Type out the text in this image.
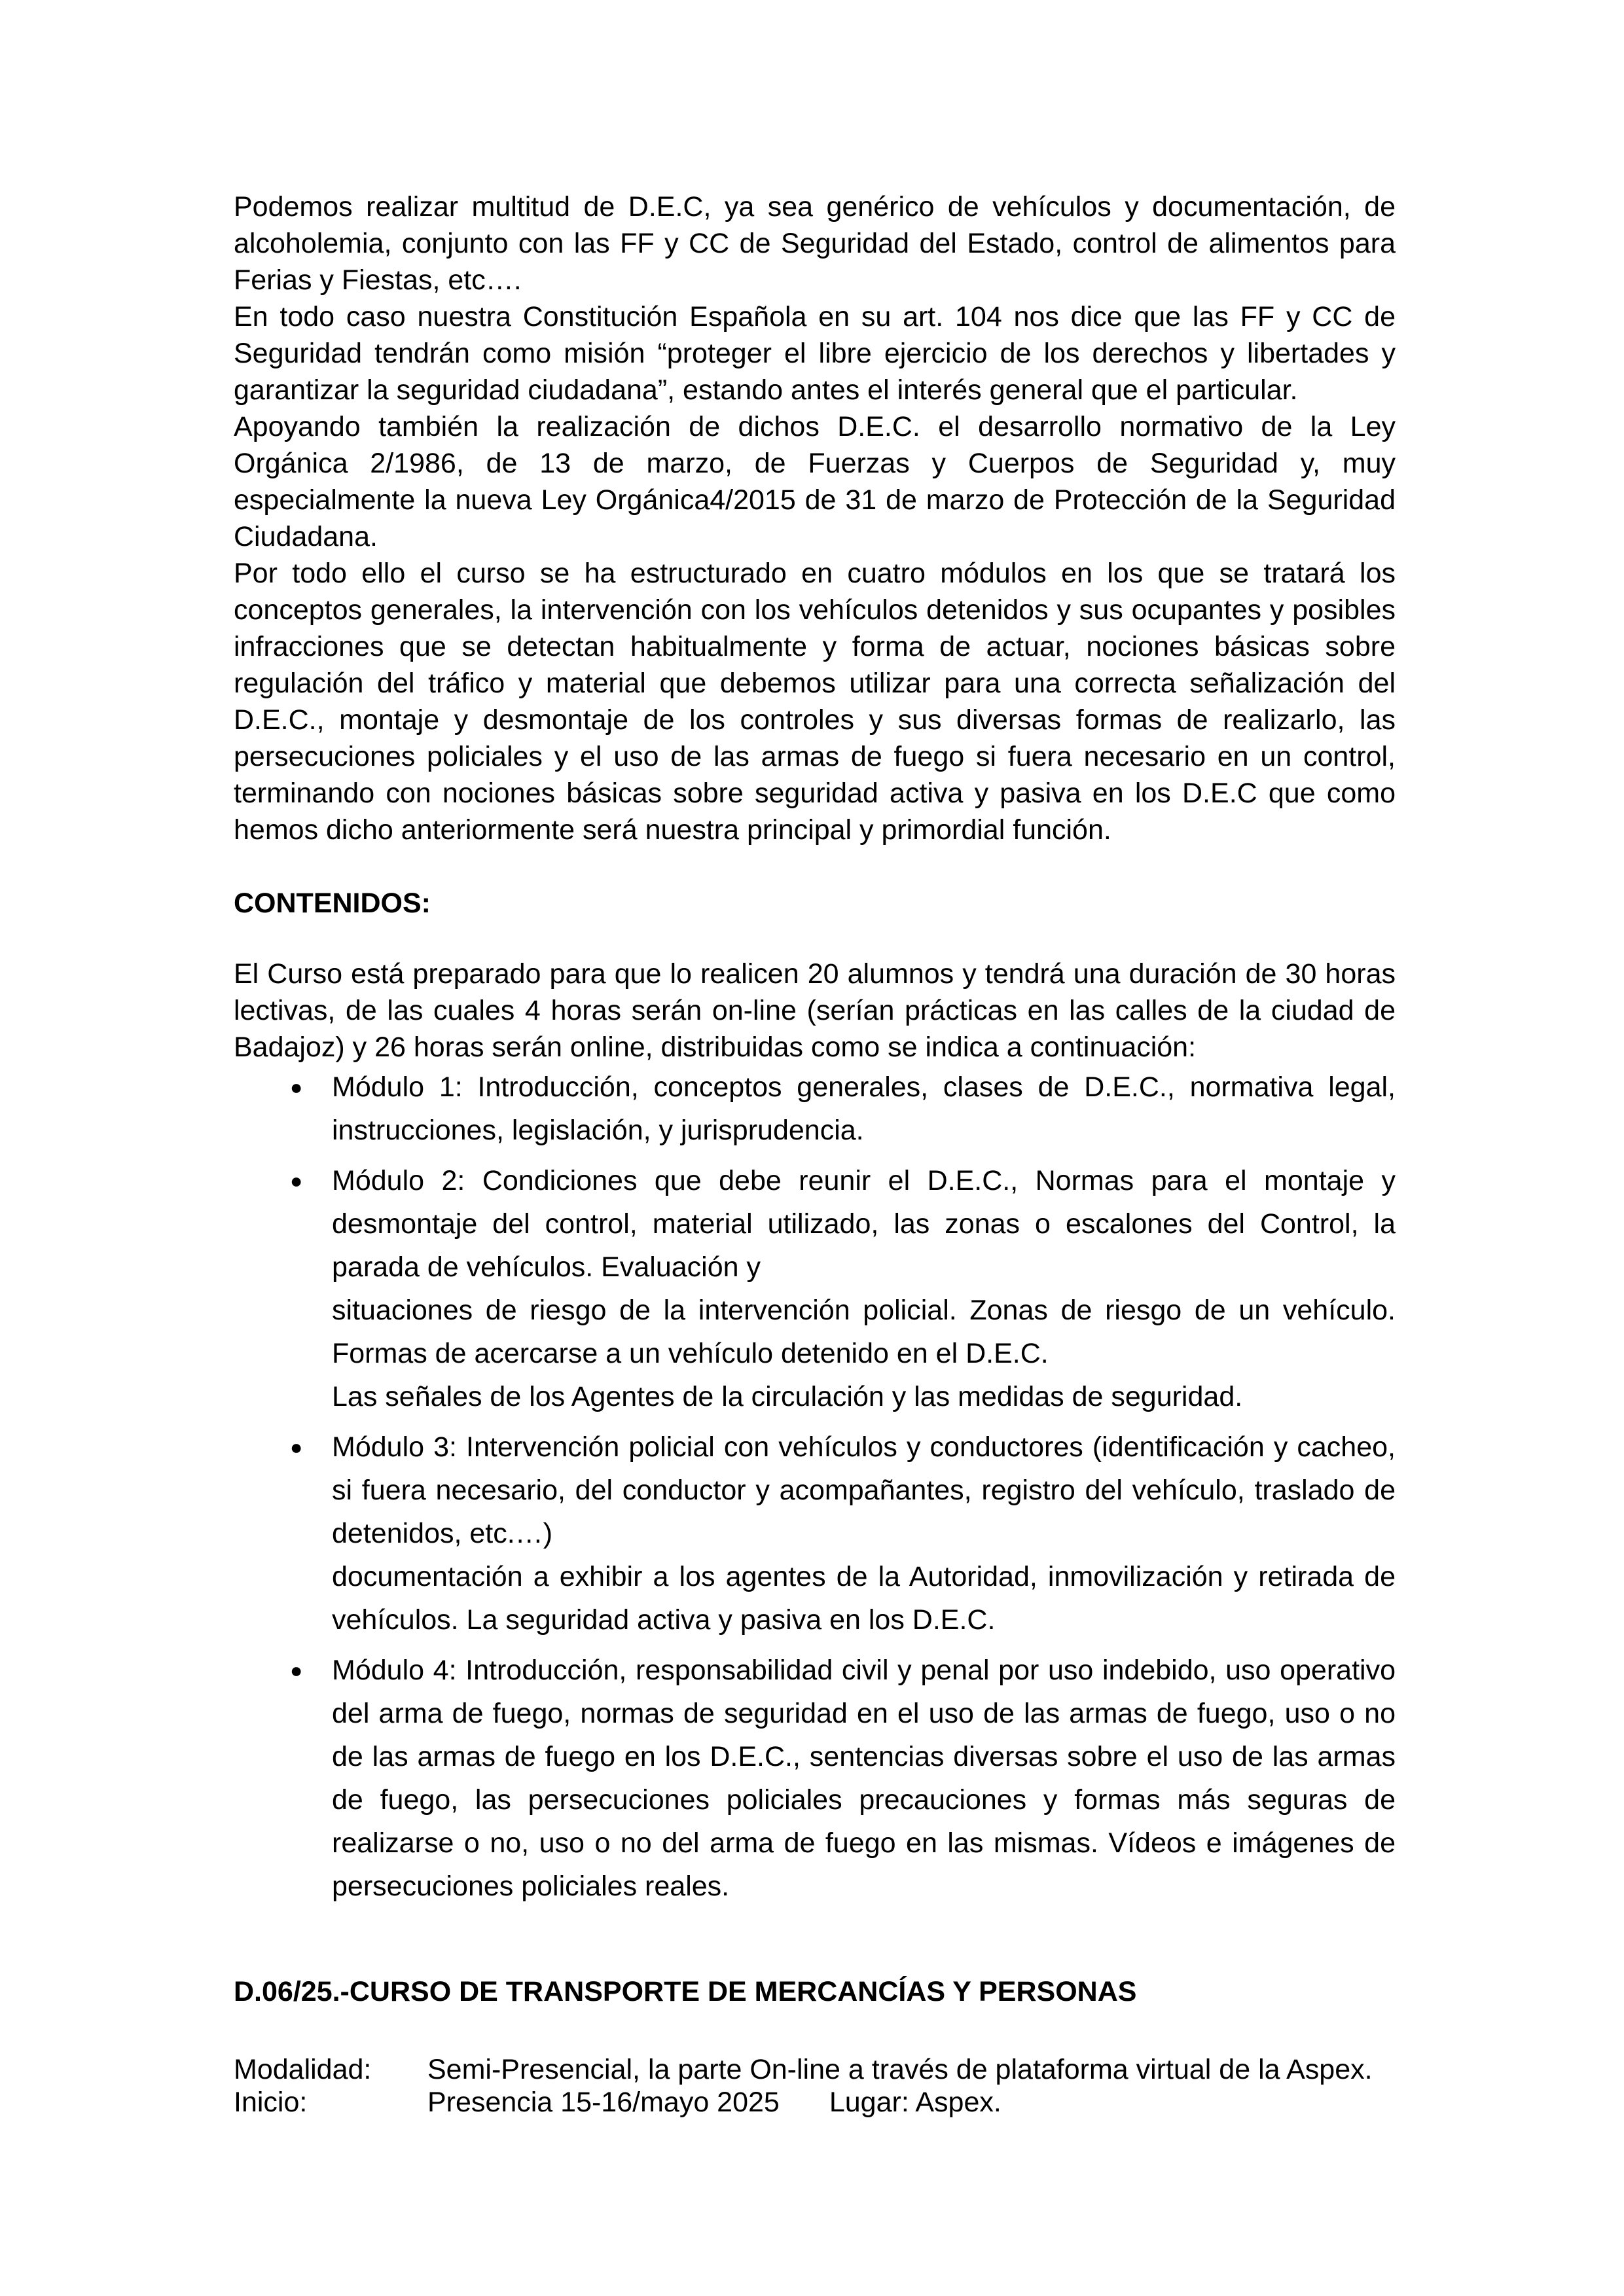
Podemos realizar multitud de D.E.C, ya sea genérico de vehículos y documentación, de alcoholemia, conjunto con las FF y CC de Seguridad del Estado, control de alimentos para Ferias y Fiestas, etc….

En todo caso nuestra Constitución Española en su art. 104 nos dice que las FF y CC de Seguridad tendrán como misión “proteger el libre ejercicio de los derechos y libertades y garantizar la seguridad ciudadana”, estando antes el interés general que el particular.

Apoyando también la realización de dichos D.E.C. el desarrollo normativo de la Ley Orgánica 2/1986, de 13 de marzo, de Fuerzas y Cuerpos de Seguridad y, muy especialmente la nueva Ley Orgánica4/2015 de 31 de marzo de Protección de la Seguridad Ciudadana.

Por todo ello el curso se ha estructurado en cuatro módulos en los que se tratará los conceptos generales, la intervención con los vehículos detenidos y sus ocupantes y posibles infracciones que se detectan habitualmente y forma de actuar, nociones básicas sobre regulación del tráfico y material que debemos utilizar para una correcta señalización del D.E.C., montaje y desmontaje de los controles y sus diversas formas de realizarlo, las persecuciones policiales y el uso de las armas de fuego si fuera necesario en un control, terminando con nociones básicas sobre seguridad activa y pasiva en los D.E.C que como hemos dicho anteriormente será nuestra principal y primordial función.

CONTENIDOS:

El Curso está preparado para que lo realicen 20 alumnos y tendrá una duración de 30 horas lectivas, de las cuales 4 horas serán on-line (serían prácticas en las calles de la ciudad de Badajoz) y 26 horas serán online, distribuidas como se indica a continuación:

● Módulo 1: Introducción, conceptos generales, clases de D.E.C., normativa legal, instrucciones, legislación, y jurisprudencia.

● Módulo 2: Condiciones que debe reunir el D.E.C., Normas para el montaje y desmontaje del control, material utilizado, las zonas o escalones del Control, la parada de vehículos. Evaluación y

situaciones de riesgo de la intervención policial. Zonas de riesgo de un vehículo. Formas de acercarse a un vehículo detenido en el D.E.C.

Las señales de los Agentes de la circulación y las medidas de seguridad.

● Módulo 3: Intervención policial con vehículos y conductores (identificación y cacheo, si fuera necesario, del conductor y acompañantes, registro del vehículo, traslado de detenidos, etc.…)

documentación a exhibir a los agentes de la Autoridad, inmovilización y retirada de vehículos. La seguridad activa y pasiva en los D.E.C.

● Módulo 4: Introducción, responsabilidad civil y penal por uso indebido, uso operativo del arma de fuego, normas de seguridad en el uso de las armas de fuego, uso o no de las armas de fuego en los D.E.C., sentencias diversas sobre el uso de las armas de fuego, las persecuciones policiales precauciones y formas más seguras de realizarse o no, uso o no del arma de fuego en las mismas. Vídeos e imágenes de persecuciones policiales reales.

D.06/25.-CURSO DE TRANSPORTE DE MERCANCÍAS Y PERSONAS

Modalidad:	Semi-Presencial, la parte On-line a través de plataforma virtual de la Aspex.
Inicio:	Presencia 15-16/mayo 2025 Lugar: Aspex.
